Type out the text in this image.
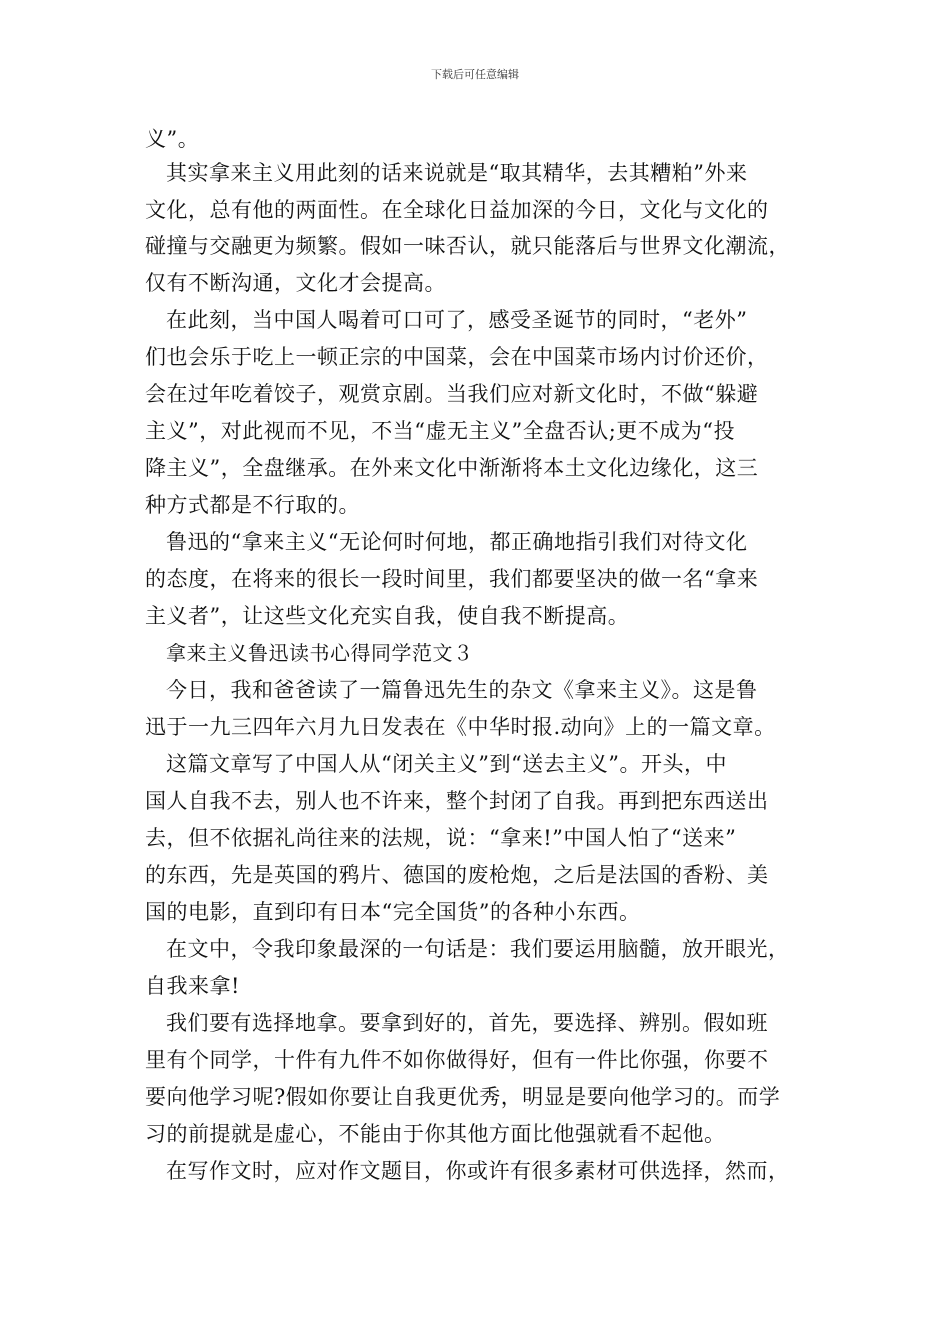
下载后可任意编辑
义”。
其实拿来主义用此刻的话来说就是“取其精华，去其糟粕”外来
文化，总有他的两面性。在全球化日益加深的今日，文化与文化的
碰撞与交融更为频繁。假如一味否认，就只能落后与世界文化潮流，
仅有不断沟通，文化才会提高。
在此刻，当中国人喝着可口可了，感受圣诞节的同时，“老外”
们也会乐于吃上一顿正宗的中国菜，会在中国菜市场内讨价还价，
会在过年吃着饺子，观赏京剧。当我们应对新文化时，不做“躲避
主义”，对此视而不见，不当“虚无主义”全盘否认;更不成为“投
降主义”，全盘继承。在外来文化中渐渐将本土文化边缘化，这三
种方式都是不行取的。
鲁迅的“拿来主义“无论何时何地，都正确地指引我们对待文化
的态度，在将来的很长一段时间里，我们都要坚决的做一名“拿来
主义者”，让这些文化充实自我，使自我不断提高。
拿来主义鲁迅读书心得同学范文３
今日，我和爸爸读了一篇鲁迅先生的杂文《拿来主义》。这是鲁
迅于一九三四年六月九日发表在《中华时报.动向》上的一篇文章。
这篇文章写了中国人从“闭关主义”到“送去主义”。开头，中
国人自我不去，别人也不许来，整个封闭了自我。再到把东西送出
去，但不依据礼尚往来的法规，说：“拿来!”中国人怕了“送来”
的东西，先是英国的鸦片、德国的废枪炮，之后是法国的香粉、美
国的电影，直到印有日本“完全国货”的各种小东西。
在文中，令我印象最深的一句话是：我们要运用脑髓，放开眼光，
自我来拿!
我们要有选择地拿。要拿到好的，首先，要选择、辨别。假如班
里有个同学，十件有九件不如你做得好，但有一件比你强，你要不
要向他学习呢?假如你要让自我更优秀，明显是要向他学习的。而学
习的前提就是虚心，不能由于你其他方面比他强就看不起他。
在写作文时，应对作文题目，你或许有很多素材可供选择，然而，
